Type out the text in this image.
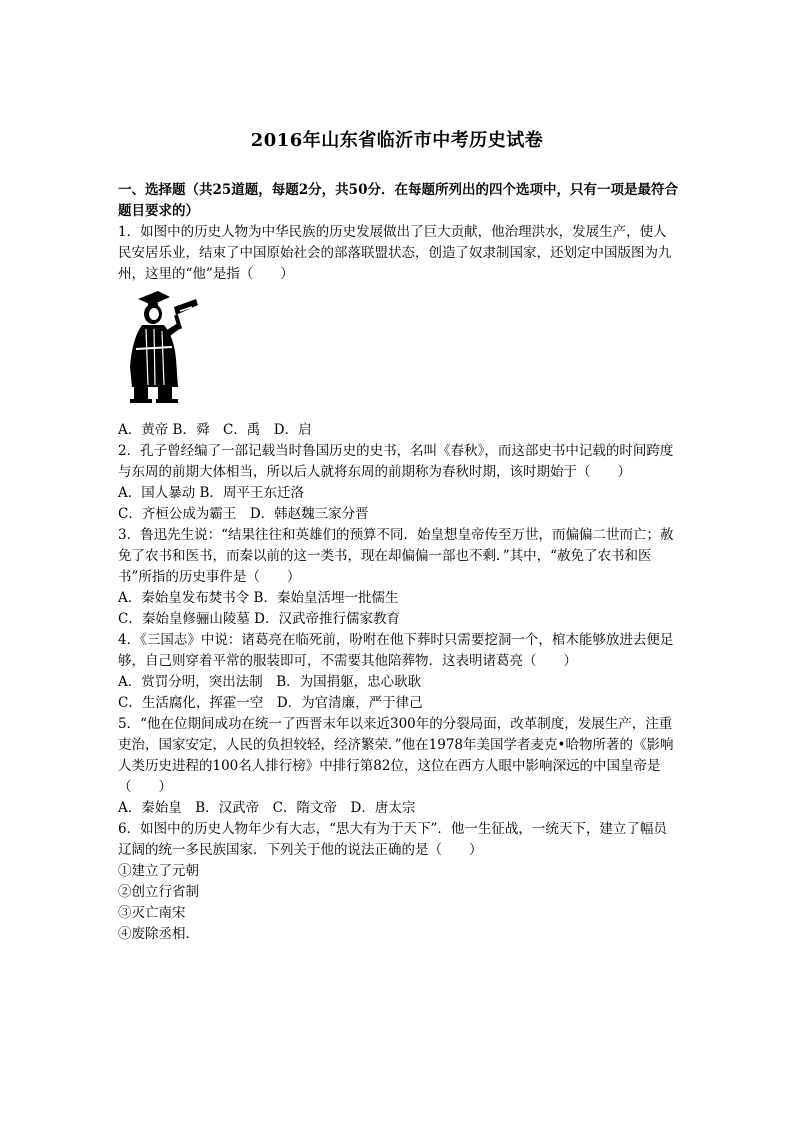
2016年山东省临沂市中考历史试卷
一、选择题（共25道题，每题2分，共50分．在每题所列出的四个选项中，只有一项是最符合题目要求的）
1．如图中的历史人物为中华民族的历史发展做出了巨大贡献，他治理洪水，发展生产，使人民安居乐业，结束了中国原始社会的部落联盟状态，创造了奴隶制国家，还划定中国版图为九州，这里的“他”是指（　　）
A．黄帝 B．舜　C．禹　D．启
2．孔子曾经编了一部记载当时鲁国历史的史书，名叫《春秋》，而这部史书中记载的时间跨度与东周的前期大体相当，所以后人就将东周的前期称为春秋时期，该时期始于（　　）
A．国人暴动 B．周平王东迁洛
C．齐桓公成为霸王　D．韩赵魏三家分晋
3．鲁迅先生说：“结果往往和英雄们的预算不同．始皇想皇帝传至万世，而偏偏二世而亡；赦免了农书和医书，而秦以前的这一类书，现在却偏偏一部也不剩．”其中，“赦免了农书和医书”所指的历史事件是（　　）
A．秦始皇发布焚书令 B．秦始皇活埋一批儒生
C．秦始皇修骊山陵墓 D．汉武帝推行儒家教育
4．《三国志》中说：诸葛亮在临死前，吩咐在他下葬时只需要挖洞一个，棺木能够放进去便足够，自己则穿着平常的服装即可，不需要其他陪葬物．这表明诸葛亮（　　）
A．赏罚分明，突出法制　B．为国捐躯，忠心耿耿
C．生活腐化，挥霍一空　D．为官清廉，严于律己
5．“他在位期间成功在统一了西晋末年以来近300年的分裂局面，改革制度，发展生产，注重吏治，国家安定，人民的负担较轻，经济繁荣．”他在1978年美国学者麦克•哈物所著的《影响人类历史进程的100名人排行榜》中排行第82位，这位在西方人眼中影响深远的中国皇帝是（　　）
A．秦始皇　B．汉武帝　C．隋文帝　D．唐太宗
6．如图中的历史人物年少有大志，“思大有为于天下”．他一生征战，一统天下，建立了幅员辽阔的统一多民族国家．下列关于他的说法正确的是（　　）
①建立了元朝
②创立行省制
③灭亡南宋
④废除丞相．
